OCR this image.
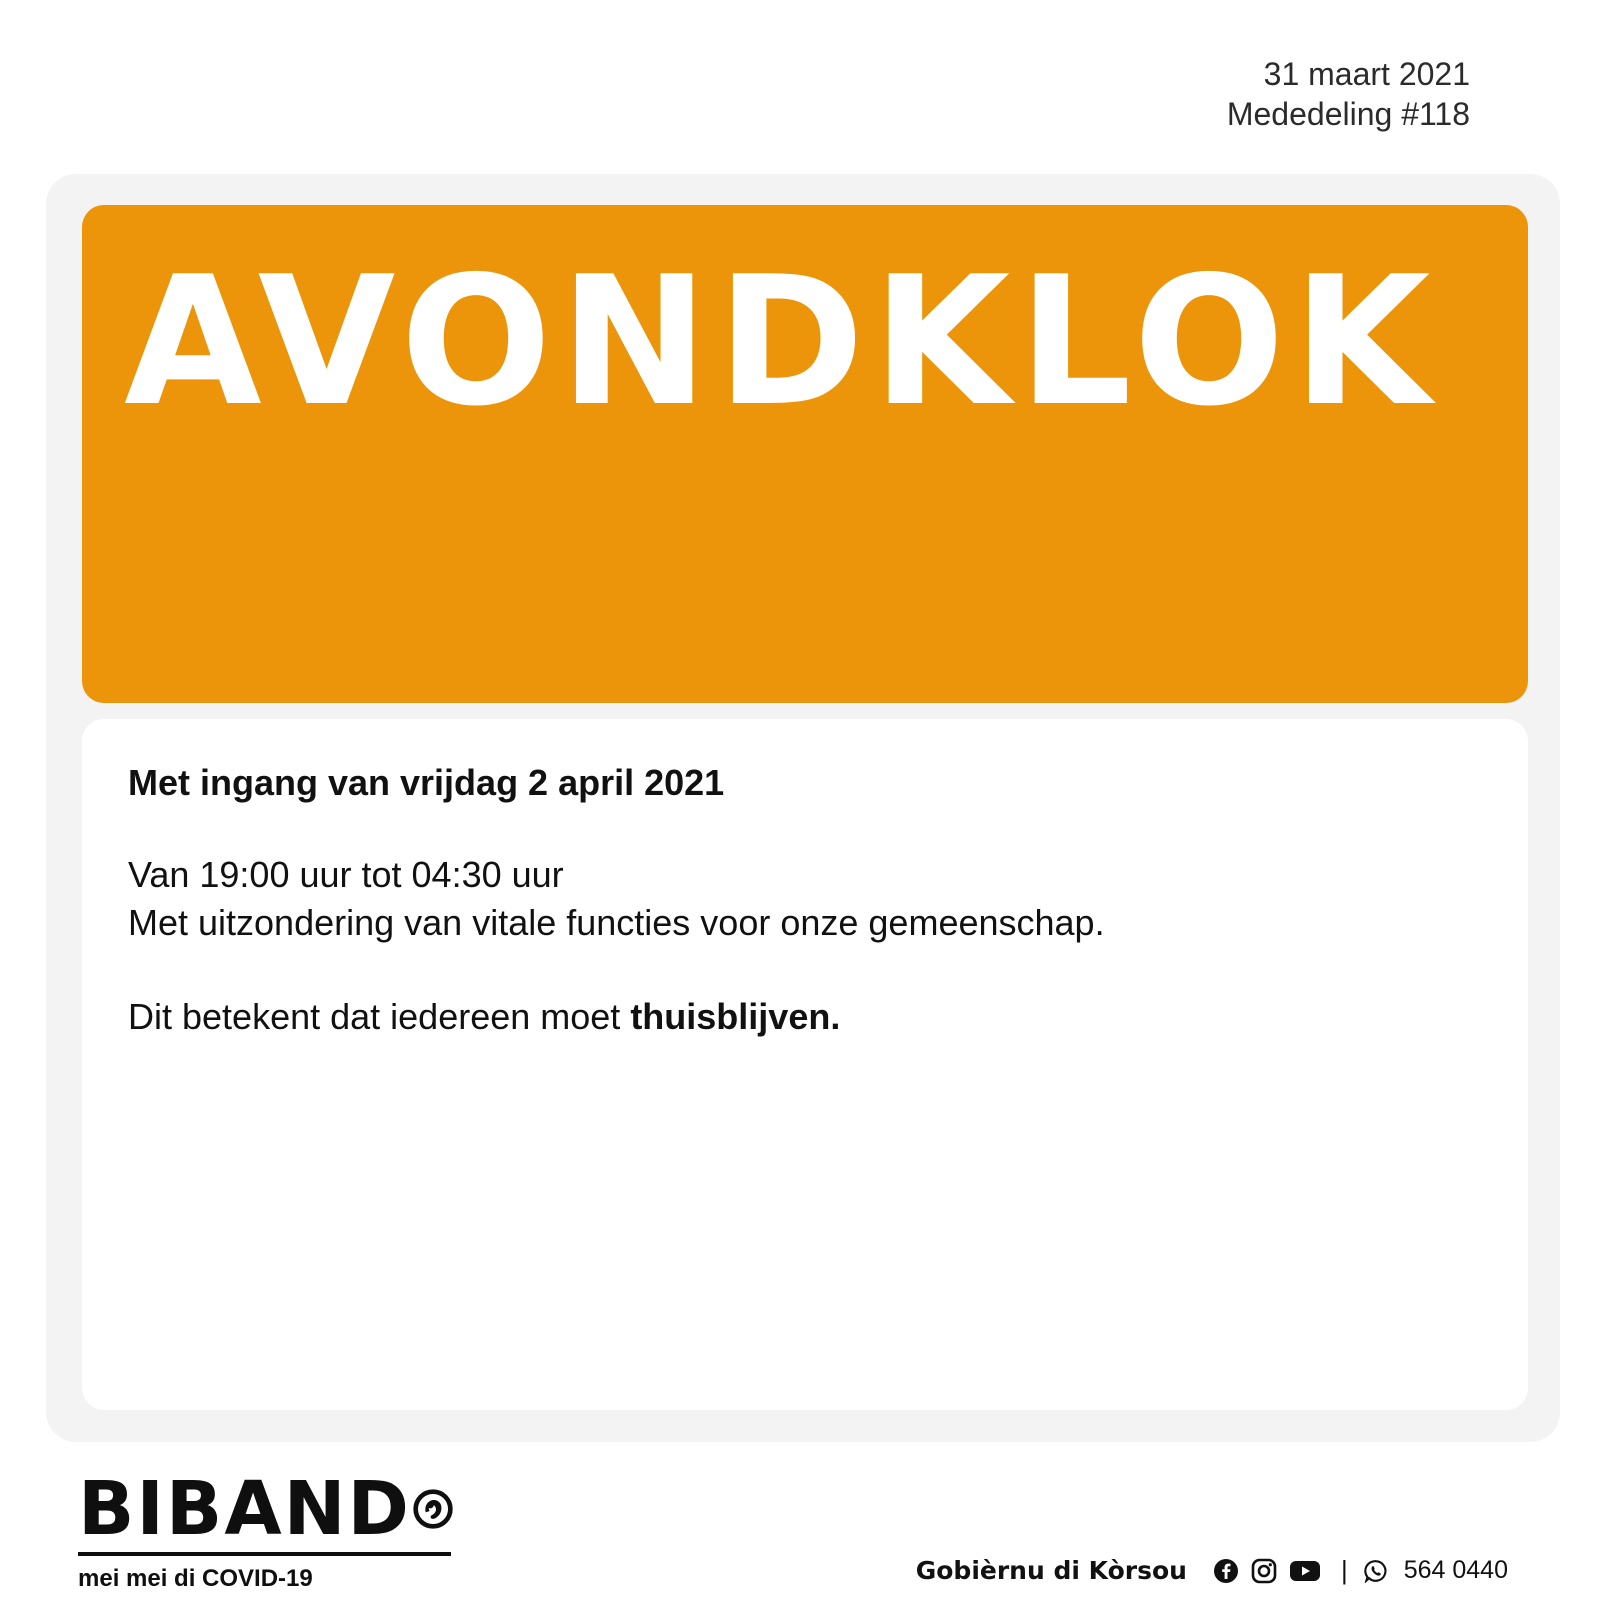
31 maart 2021
Mededeling #118
AVONDKLOK
Met ingang van vrijdag 2 april 2021
Van 19:00 uur tot 04:30 uur
Met uitzondering van vitale functies voor onze gemeenschap.
Dit betekent dat iedereen moet thuisblijven.
BIBAND
mei mei di COVID-19	Gobièrnu di Kòrsou	| 564 0440
